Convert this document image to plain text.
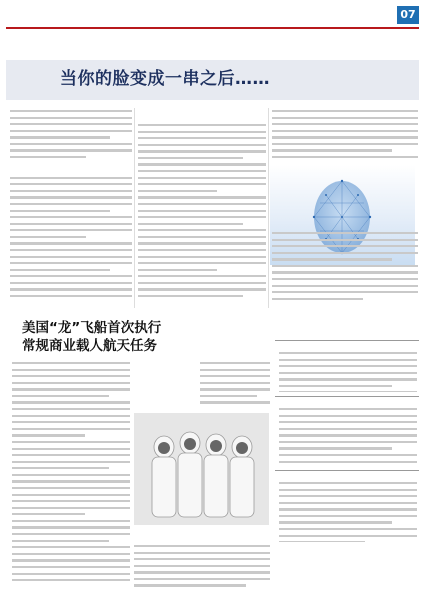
07
当你的脸变成一串之后……
美国“龙”飞船首次执行
常规商业载人航天任务
